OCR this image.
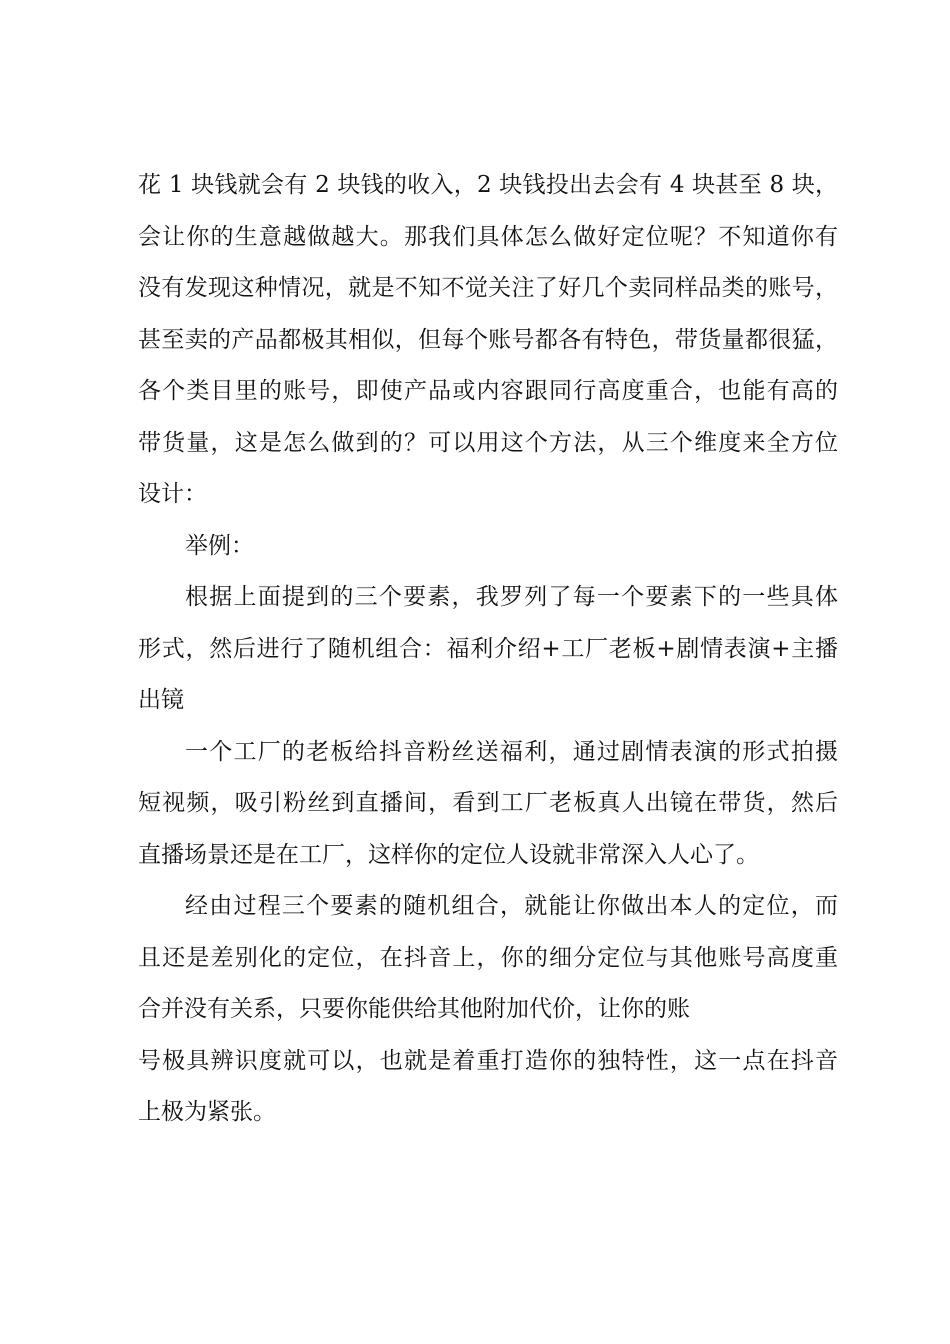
花 1 块钱就会有 2 块钱的收入，2 块钱投出去会有 4 块甚至 8 块，
会让你的生意越做越大。那我们具体怎么做好定位呢？不知道你有
没有发现这种情况，就是不知不觉关注了好几个卖同样品类的账号，
甚至卖的产品都极其相似，但每个账号都各有特色，带货量都很猛，
各个类目里的账号，即使产品或内容跟同行高度重合，也能有高的
带货量，这是怎么做到的？可以用这个方法，从三个维度来全方位
设计：
举例：
根据上面提到的三个要素，我罗列了每一个要素下的一些具体
形式，然后进行了随机组合：福利介绍+工厂老板+剧情表演+主播
出镜
一个工厂的老板给抖音粉丝送福利，通过剧情表演的形式拍摄
短视频，吸引粉丝到直播间，看到工厂老板真人出镜在带货，然后
直播场景还是在工厂，这样你的定位人设就非常深入人心了。
经由过程三个要素的随机组合，就能让你做出本人的定位，而
且还是差别化的定位，在抖音上，你的细分定位与其他账号高度重
合并没有关系，只要你能供给其他附加代价，让你的账
号极具辨识度就可以，也就是着重打造你的独特性，这一点在抖音
上极为紧张。
